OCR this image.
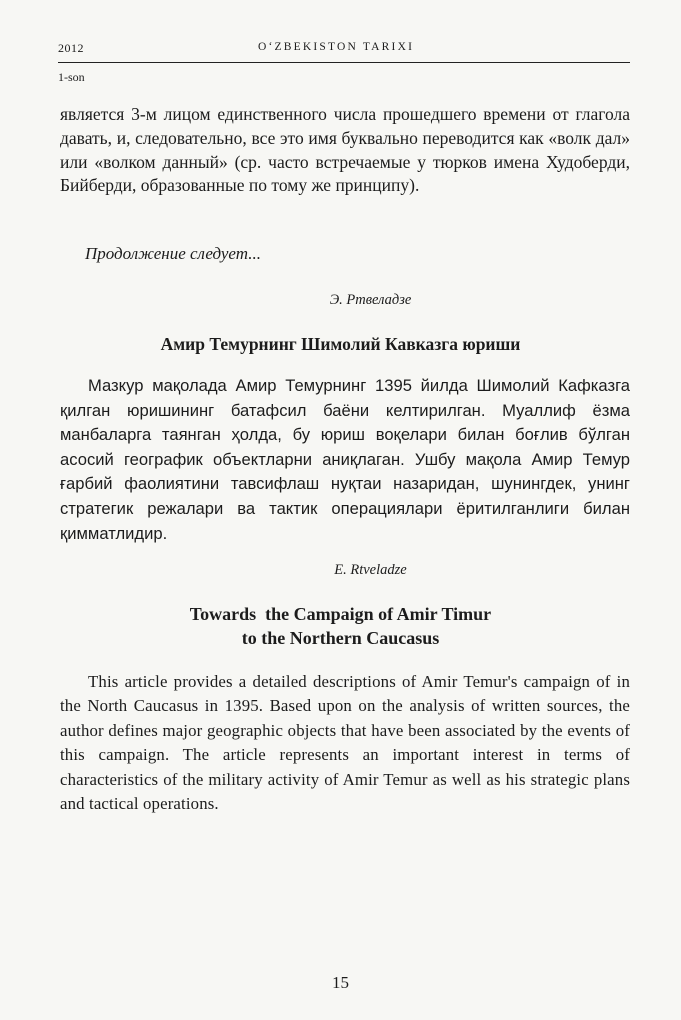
2012	O‘ZBEKISTON TARIXI
1-son

является 3-м лицом единственного числа прошедшего времени от глагола давать, и, следовательно, все это имя буквально переводится как «волк дал» или «волком данный» (ср. часто встречаемые у тюрков имена Худоберди, Бийберди, образованные по тому же принципу).

Продолжение следует...
Э. Ртвеладзе
Амир Темурнинг Шимолий Кавказга юриши

Мазкур мақолада Амир Темурнинг 1395 йилда Шимолий Кафказга қилган юришининг батафсил баёни келтирилган. Муаллиф ёзма манбаларга таянган ҳолда, бу юриш воқелари билан боғлив бўлган асосий географик объектларни аниқлаган. Ушбу мақола Амир Темур ғарбий фаолиятини тавсифлаш нуқтаи назаридан, шунингдек, унинг стратегик режалари ва тактик операциялари ёритилганлиги билан қимматлидир.

E. Rtveladze
Towards  the Campaign of Amir Timur
to the Northern Caucasus

This article provides a detailed descriptions of Amir Temur's campaign of in the North Caucasus in 1395. Based upon on the analysis of written sources, the author defines major geographic objects that have been associated by the events of this campaign. The article represents an important interest in terms of characteristics of the military activity of Amir Temur as well as his strategic plans and tactical operations.

15
